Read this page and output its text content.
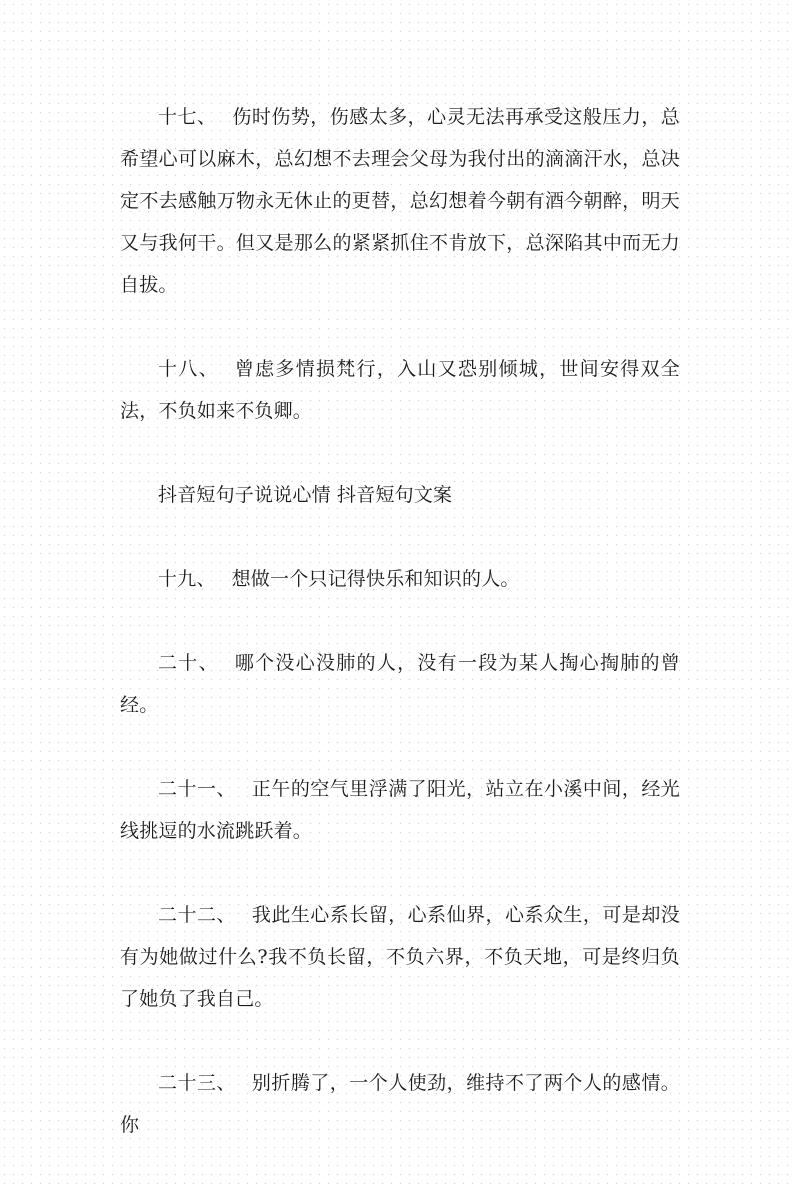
十七、 伤时伤势，伤感太多，心灵无法再承受这般压力，总希望心可以麻木，总幻想不去理会父母为我付出的滴滴汗水，总决定不去感触万物永无休止的更替，总幻想着今朝有酒今朝醉，明天又与我何干。但又是那么的紧紧抓住不肯放下，总深陷其中而无力自拔。

十八、 曾虑多情损梵行，入山又恐别倾城，世间安得双全法，不负如来不负卿。

抖音短句子说说心情 抖音短句文案

十九、 想做一个只记得快乐和知识的人。

二十、 哪个没心没肺的人，没有一段为某人掏心掏肺的曾经。

二十一、 正午的空气里浮满了阳光，站立在小溪中间，经光线挑逗的水流跳跃着。

二十二、 我此生心系长留，心系仙界，心系众生，可是却没有为她做过什么?我不负长留，不负六界，不负天地，可是终归负了她负了我自己。

二十三、 别折腾了，一个人使劲，维持不了两个人的感情。你
